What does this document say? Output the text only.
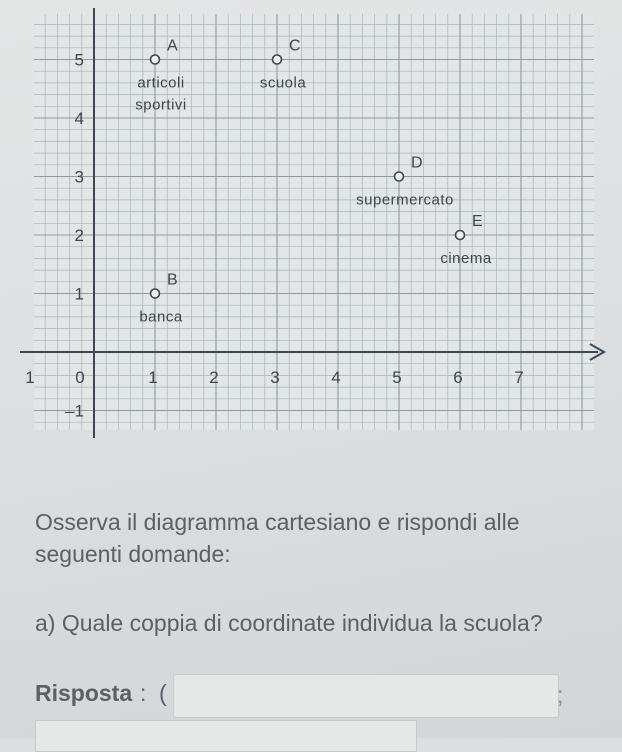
1 0	1	2	3	4	5	6	7
5
4
3
2
1
–1
A
articoli
sportivi
C
scuola
D
supermercato
E
cinema
B
banca
Osserva il diagramma cartesiano e rispondi alle seguenti domande:
a) Quale coppia di coordinate individua la scuola?
Risposta : (	;
